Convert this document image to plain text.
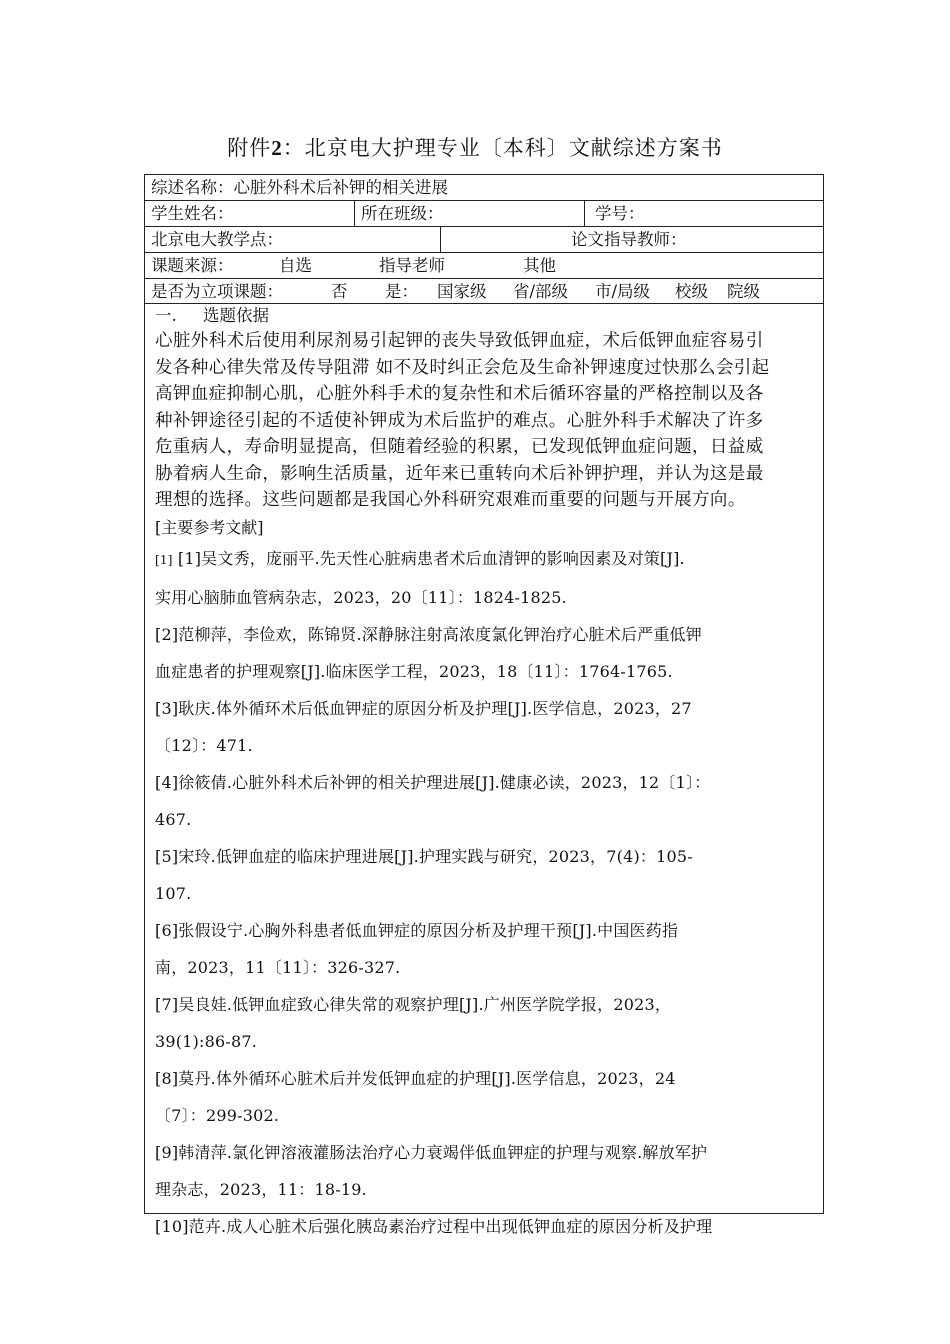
附件2：北京电大护理专业〔本科〕文献综述方案书
综述名称：心脏外科术后补钾的相关进展
学生姓名：	所在班级：	学号：
北京电大教学点：	论文指导教师：
课题来源：	自选	指导老师	其他
是否为立项课题：	否	是：	国家级	省/部级	市/局级	校级	院级
一. 选题依据

心脏外科术后使用利尿剂易引起钾的丧失导致低钾血症，术后低钾血症容易引

发各种心律失常及传导阻滞 如不及时纠正会危及生命补钾速度过快那么会引起

高钾血症抑制心肌，心脏外科手术的复杂性和术后循环容量的严格控制以及各

种补钾途径引起的不适使补钾成为术后监护的难点。心脏外科手术解决了许多

危重病人，寿命明显提高，但随着经验的积累，已发现低钾血症问题，日益威

胁着病人生命，影响生活质量，近年来已重转向术后补钾护理，并认为这是最

理想的选择。这些问题都是我国心外科研究艰难而重要的问题与开展方向。

[主要参考文献]

[1] [1]吴文秀，庞丽平.先天性心脏病患者术后血清钾的影响因素及对策[J].

实用心脑肺血管病杂志，2023，20〔11〕：1824-1825.

[2]范柳萍，李俭欢，陈锦贤.深静脉注射高浓度氯化钾治疗心脏术后严重低钾

血症患者的护理观察[J].临床医学工程，2023，18〔11〕：1764-1765.

[3]耿庆.体外循环术后低血钾症的原因分析及护理[J].医学信息，2023，27

〔12〕：471.

[4]徐筱倩.心脏外科术后补钾的相关护理进展[J].健康必读，2023，12〔1〕：

467.

[5]宋玲.低钾血症的临床护理进展[J].护理实践与研究，2023，7(4)：105-

107.

[6]张假设宁.心胸外科患者低血钾症的原因分析及护理干预[J].中国医药指

南，2023，11〔11〕：326-327.

[7]吴良娃.低钾血症致心律失常的观察护理[J].广州医学院学报，2023，

39(1):86-87.

[8]莫丹.体外循环心脏术后并发低钾血症的护理[J].医学信息，2023，24

〔7〕：299-302.

[9]韩清萍.氯化钾溶液灌肠法治疗心力衰竭伴低血钾症的护理与观察.解放军护

理杂志，2023，11：18-19.

[10]范卉.成人心脏术后强化胰岛素治疗过程中出现低钾血症的原因分析及护理
